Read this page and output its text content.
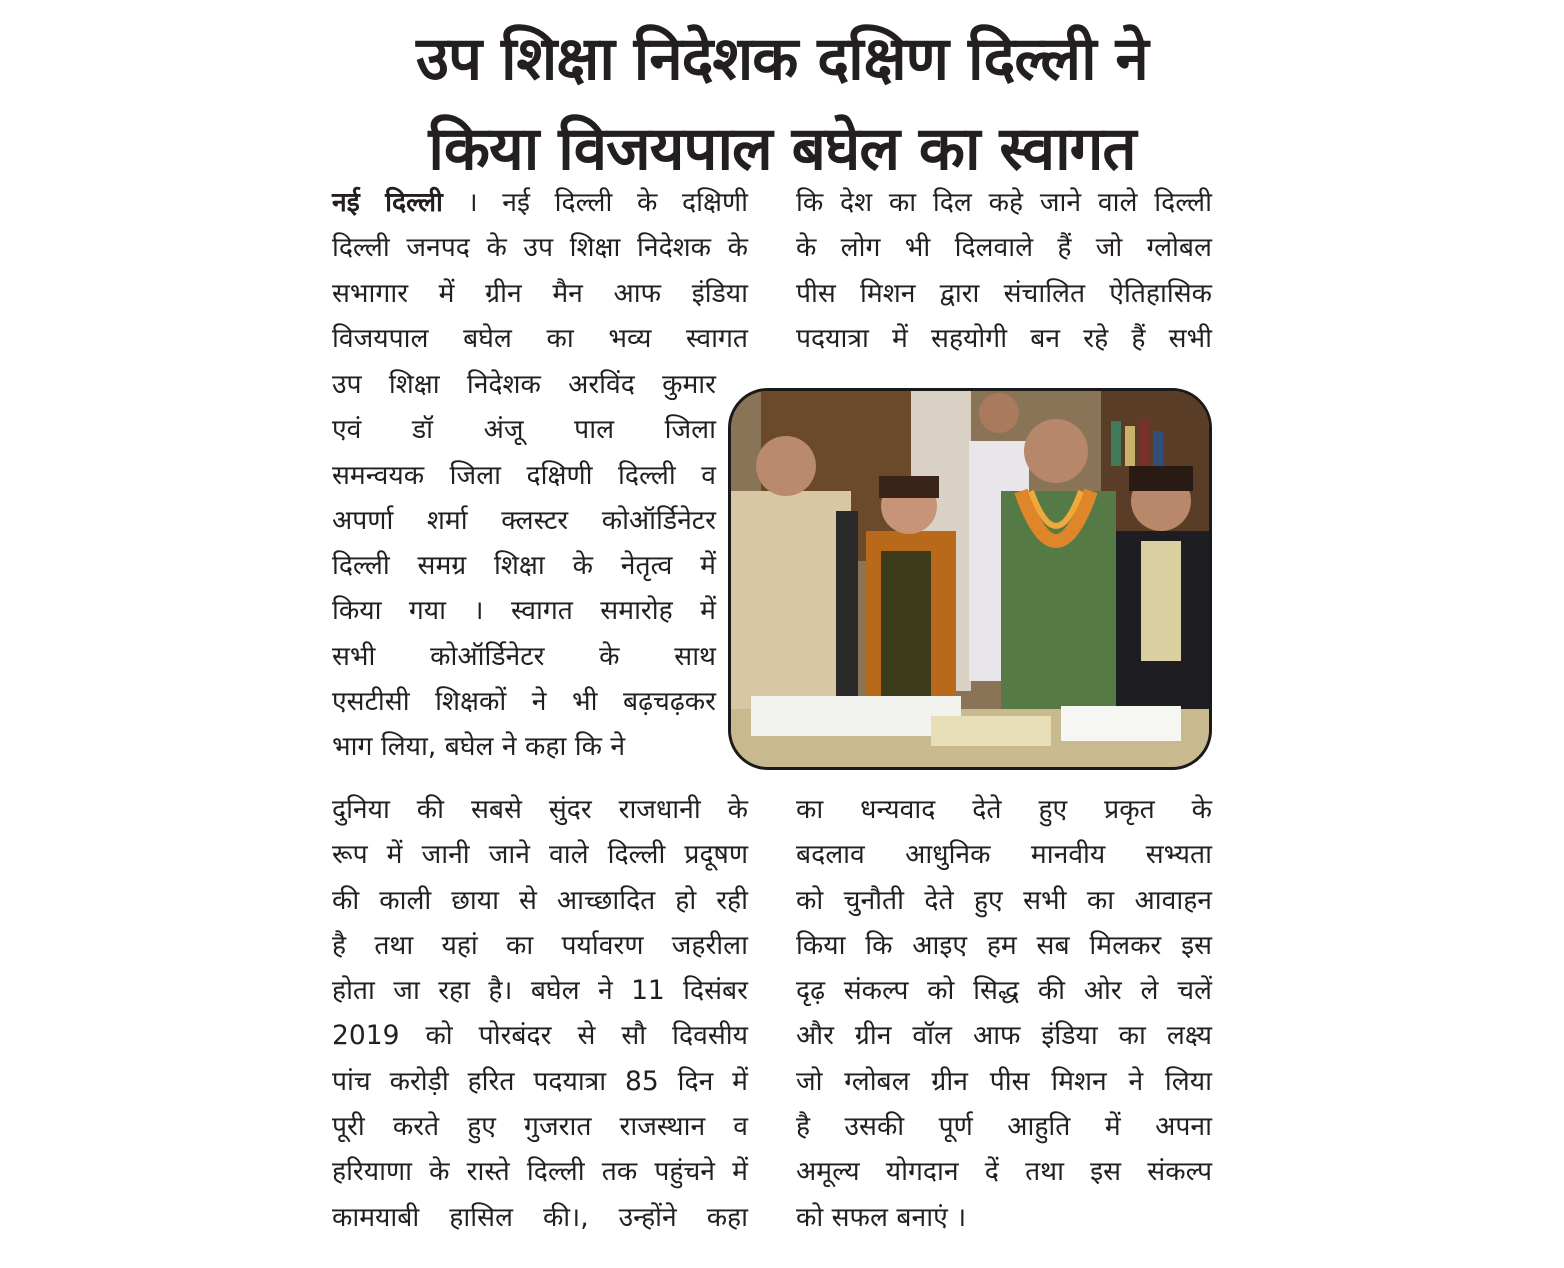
उप शिक्षा निदेशक दक्षिण दिल्ली ने
किया विजयपाल बघेल का स्वागत
नई दिल्ली । नई दिल्ली के दक्षिणी
दिल्ली जनपद के उप शिक्षा निदेशक के
सभागार में ग्रीन मैन आफ इंडिया
विजयपाल बघेल का भव्य स्वागत
उप शिक्षा निदेशक अरविंद कुमार
एवं डॉ अंजू पाल जिला
समन्वयक जिला दक्षिणी दिल्ली व
अपर्णा शर्मा क्लस्टर कोऑर्डिनेटर
दिल्ली समग्र शिक्षा के नेतृत्व में
किया गया । स्वागत समारोह में
सभी कोऑर्डिनेटर के साथ
एसटीसी शिक्षकों ने भी बढ़चढ़कर
भाग लिया, बघेल ने कहा कि ने
दुनिया की सबसे सुंदर राजधानी के
रूप में जानी जाने वाले दिल्ली प्रदूषण
की काली छाया से आच्छादित हो रही
है तथा यहां का पर्यावरण जहरीला
होता जा रहा है। बघेल ने 11 दिसंबर
2019 को पोरबंदर से सौ दिवसीय
पांच करोड़ी हरित पदयात्रा 85 दिन में
पूरी करते हुए गुजरात राजस्थान व
हरियाणा के रास्ते दिल्ली तक पहुंचने में
कामयाबी हासिल की।, उन्होंने कहा
कि देश का दिल कहे जाने वाले दिल्ली
के लोग भी दिलवाले हैं जो ग्लोबल
पीस मिशन द्वारा संचालित ऐतिहासिक
पदयात्रा में सहयोगी बन रहे हैं सभी
का धन्यवाद देते हुए प्रकृत के
बदलाव आधुनिक मानवीय सभ्यता
को चुनौती देते हुए सभी का आवाहन
किया कि आइए हम सब मिलकर इस
दृढ़ संकल्प को सिद्ध की ओर ले चलें
और ग्रीन वॉल आफ इंडिया का लक्ष्य
जो ग्लोबल ग्रीन पीस मिशन ने लिया
है उसकी पूर्ण आहुति में अपना
अमूल्य योगदान दें तथा इस संकल्प
को सफल बनाएं ।
